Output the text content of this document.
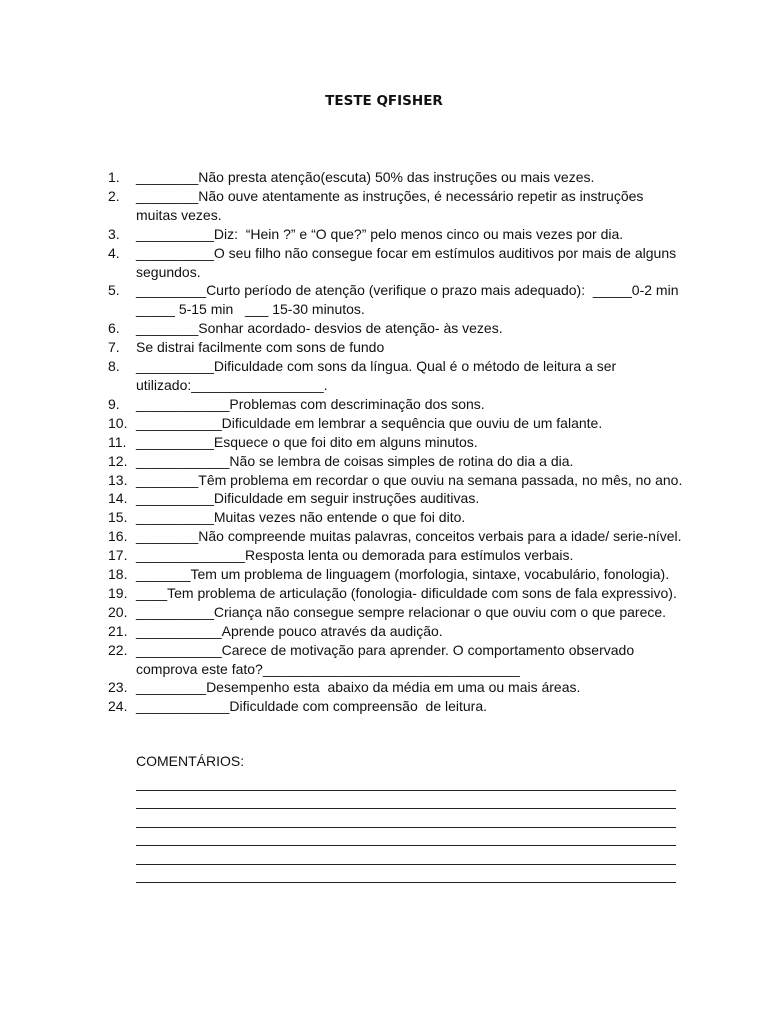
TESTE QFISHER
1.	________Não presta atenção(escuta) 50% das instruções ou mais vezes.
2.	________Não ouve atentamente as instruções, é necessário repetir as instruções
muitas vezes.
3.	__________Diz:  “Hein ?” e “O que?” pelo menos cinco ou mais vezes por dia.
4.	__________O seu filho não consegue focar em estímulos auditivos por mais de alguns
segundos.
5.	_________Curto período de atenção (verifique o prazo mais adequado):  _____0-2 min
_____ 5-15 min   ___ 15-30 minutos.
6.	________Sonhar acordado- desvios de atenção- às vezes.
7.	Se distrai facilmente com sons de fundo
8.	__________Dificuldade com sons da língua. Qual é o método de leitura a ser
utilizado:_________________.
9.	____________Problemas com descriminação dos sons.
10. ___________Dificuldade em lembrar a sequência que ouviu de um falante.
11. __________Esquece o que foi dito em alguns minutos.
12. ____________Não se lembra de coisas simples de rotina do dia a dia.
13. ________Têm problema em recordar o que ouviu na semana passada, no mês, no ano.
14. __________Dificuldade em seguir instruções auditivas.
15. __________Muitas vezes não entende o que foi dito.
16. ________Não compreende muitas palavras, conceitos verbais para a idade/ serie-nível.
17. ______________Resposta lenta ou demorada para estímulos verbais.
18. _______Tem um problema de linguagem (morfologia, sintaxe, vocabulário, fonologia).
19. ____Tem problema de articulação (fonologia- dificuldade com sons de fala expressivo).
20. __________Criança não consegue sempre relacionar o que ouviu com o que parece.
21. ___________Aprende pouco através da audição.
22. ___________Carece de motivação para aprender. O comportamento observado
comprova este fato?_________________________________
23. _________Desempenho esta  abaixo da média em uma ou mais áreas.
24. ____________Dificuldade com compreensão  de leitura.
COMENTÁRIOS:
